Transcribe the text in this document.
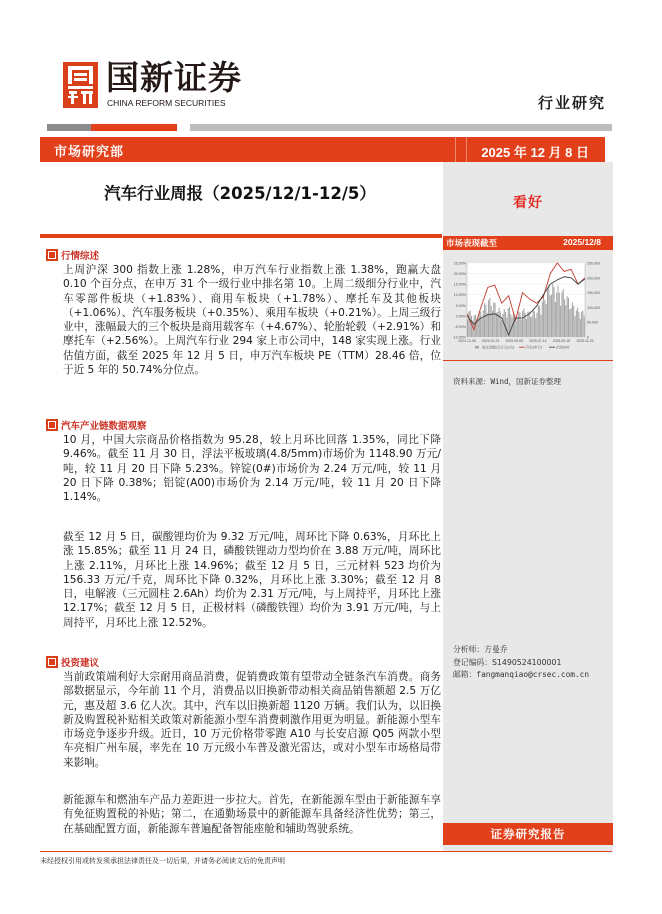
国新证券
CHINA REFORM SECURITIES	行业研究
市场研究部	2025 年 12 月 8 日
看好
市场表现截至	2025/12/8
25.00%
20.00%
15.00%
10.00%
5.00%
0.00%
-5.00%
-10.00%
250,000
200,000
150,000
100,000
50,000
0
2024-12-06 2025-01-23 2025-05-08 2025-07-14 2025-09-18 2025-11-25
成交金额(百万元)(右)	汽车(申万)	沪深300
资料来源：Wind，国新证券整理
分析师：方曼乔
登记编码：S1490524100001
邮箱：fangmanqiao@crsec.com.cn
证券研究报告
汽车行业周报（2025/12/1-12/5）
行情综述
上周沪深 300 指数上涨 1.28%，申万汽车行业指数上涨 1.38%，跑赢大盘 0.10 个百分点，在申万 31 个一级行业中排名第 10。上周二级细分行业中，汽车零部件板块（+1.83%）、商用车板块（+1.78%）、摩托车及其他板块（+1.06%）、汽车服务板块（+0.35%）、乘用车板块（+0.21%）。上周三级行业中，涨幅最大的三个板块是商用载客车（+4.67%）、轮胎轮毂（+2.91%）和摩托车（+2.56%）。上周汽车行业 294 家上市公司中，148 家实现上涨。行业估值方面，截至 2025 年 12 月 5 日，申万汽车板块 PE（TTM）28.46 倍，位于近 5 年的 50.74%分位点。
汽车产业链数据观察
10 月，中国大宗商品价格指数为 95.28，较上月环比回落 1.35%，同比下降 9.46%。截至 11 月 30 日，浮法平板玻璃(4.8/5mm)市场价为 1148.90 万元/吨，较 11 月 20 日下降 5.23%。锌锭(0#)市场价为 2.24 万元/吨，较 11 月 20 日下降 0.38%；铝锭(A00)市场价为 2.14 万元/吨，较 11 月 20 日下降 1.14%。
截至 12 月 5 日，碳酸锂均价为 9.32 万元/吨，周环比下降 0.63%，月环比上涨 15.85%；截至 11 月 24 日，磷酸铁锂动力型均价在 3.88 万元/吨，周环比上涨 2.11%，月环比上涨 14.96%；截至 12 月 5 日，三元材料 523 均价为 156.33 万元/千克，周环比下降 0.32%，月环比上涨 3.30%；截至 12 月 8 日，电解液（三元圆柱 2.6Ah）均价为 2.31 万元/吨，与上周持平，月环比上涨 12.17%；截至 12 月 5 日，正极材料（磷酸铁锂）均价为 3.91 万元/吨，与上周持平，月环比上涨 12.52%。
投资建议
当前政策端利好大宗耐用商品消费，促销费政策有望带动全链条汽车消费。商务部数据显示，今年前 11 个月，消费品以旧换新带动相关商品销售额超 2.5 万亿元，惠及超 3.6 亿人次。其中，汽车以旧换新超 1120 万辆。我们认为，以旧换新及购置税补贴相关政策对新能源小型车消费刺激作用更为明显。新能源小型车市场竞争逐步升级。近日，10 万元价格带零跑 A10 与长安启源 Q05 两款小型车亮相广州车展，率先在 10 万元级小车普及激光雷达，或对小型车市场格局带来影响。
新能源车和燃油车产品力差距进一步拉大。首先，在新能源车型由于新能源车享有免征购置税的补贴；第二，在通勤场景中的新能源车具备经济性优势；第三，在基础配置方面，新能源车普遍配备智能座舱和辅助驾驶系统。
未经授权引用或转发须承担法律责任及一切后果，并请务必阅读文后的免责声明
